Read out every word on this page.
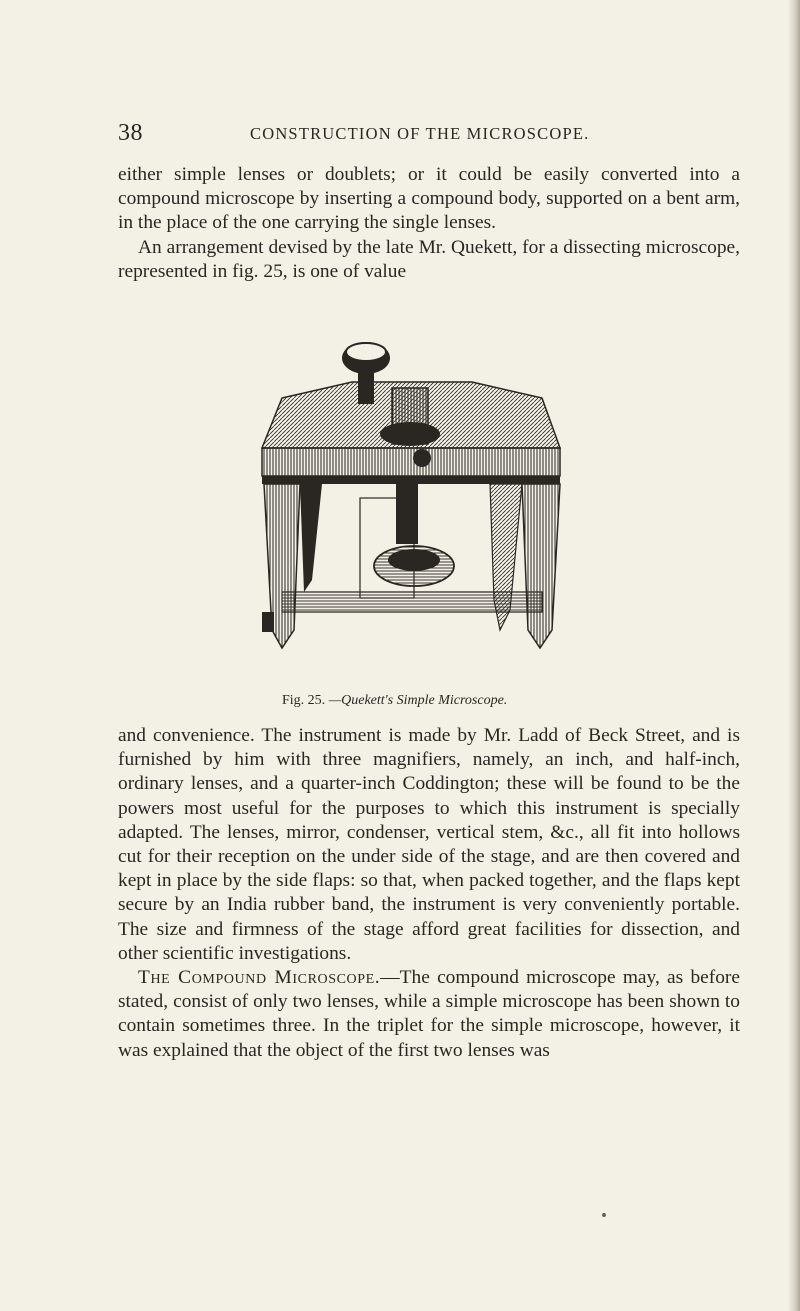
38	CONSTRUCTION OF THE MICROSCOPE.

either simple lenses or doublets; or it could be easily converted into a compound microscope by inserting a compound body, supported on a bent arm, in the place of the one carrying the single lenses.

An arrangement devised by the late Mr. Quekett, for a dissecting microscope, represented in fig. 25, is one of value

Fig. 25. —Quekett's Simple Microscope.

and convenience. The instrument is made by Mr. Ladd of Beck Street, and is furnished by him with three magnifiers, namely, an inch, and half-inch, ordinary lenses, and a quarter-inch Coddington; these will be found to be the powers most useful for the purposes to which this instrument is specially adapted. The lenses, mirror, condenser, vertical stem, &c., all fit into hollows cut for their reception on the under side of the stage, and are then covered and kept in place by the side flaps: so that, when packed together, and the flaps kept secure by an India rubber band, the instrument is very conveniently portable. The size and firmness of the stage afford great facilities for dissection, and other scientific investigations.

The Compound Microscope.—The compound microscope may, as before stated, consist of only two lenses, while a simple microscope has been shown to contain sometimes three. In the triplet for the simple microscope, however, it was explained that the object of the first two lenses was
